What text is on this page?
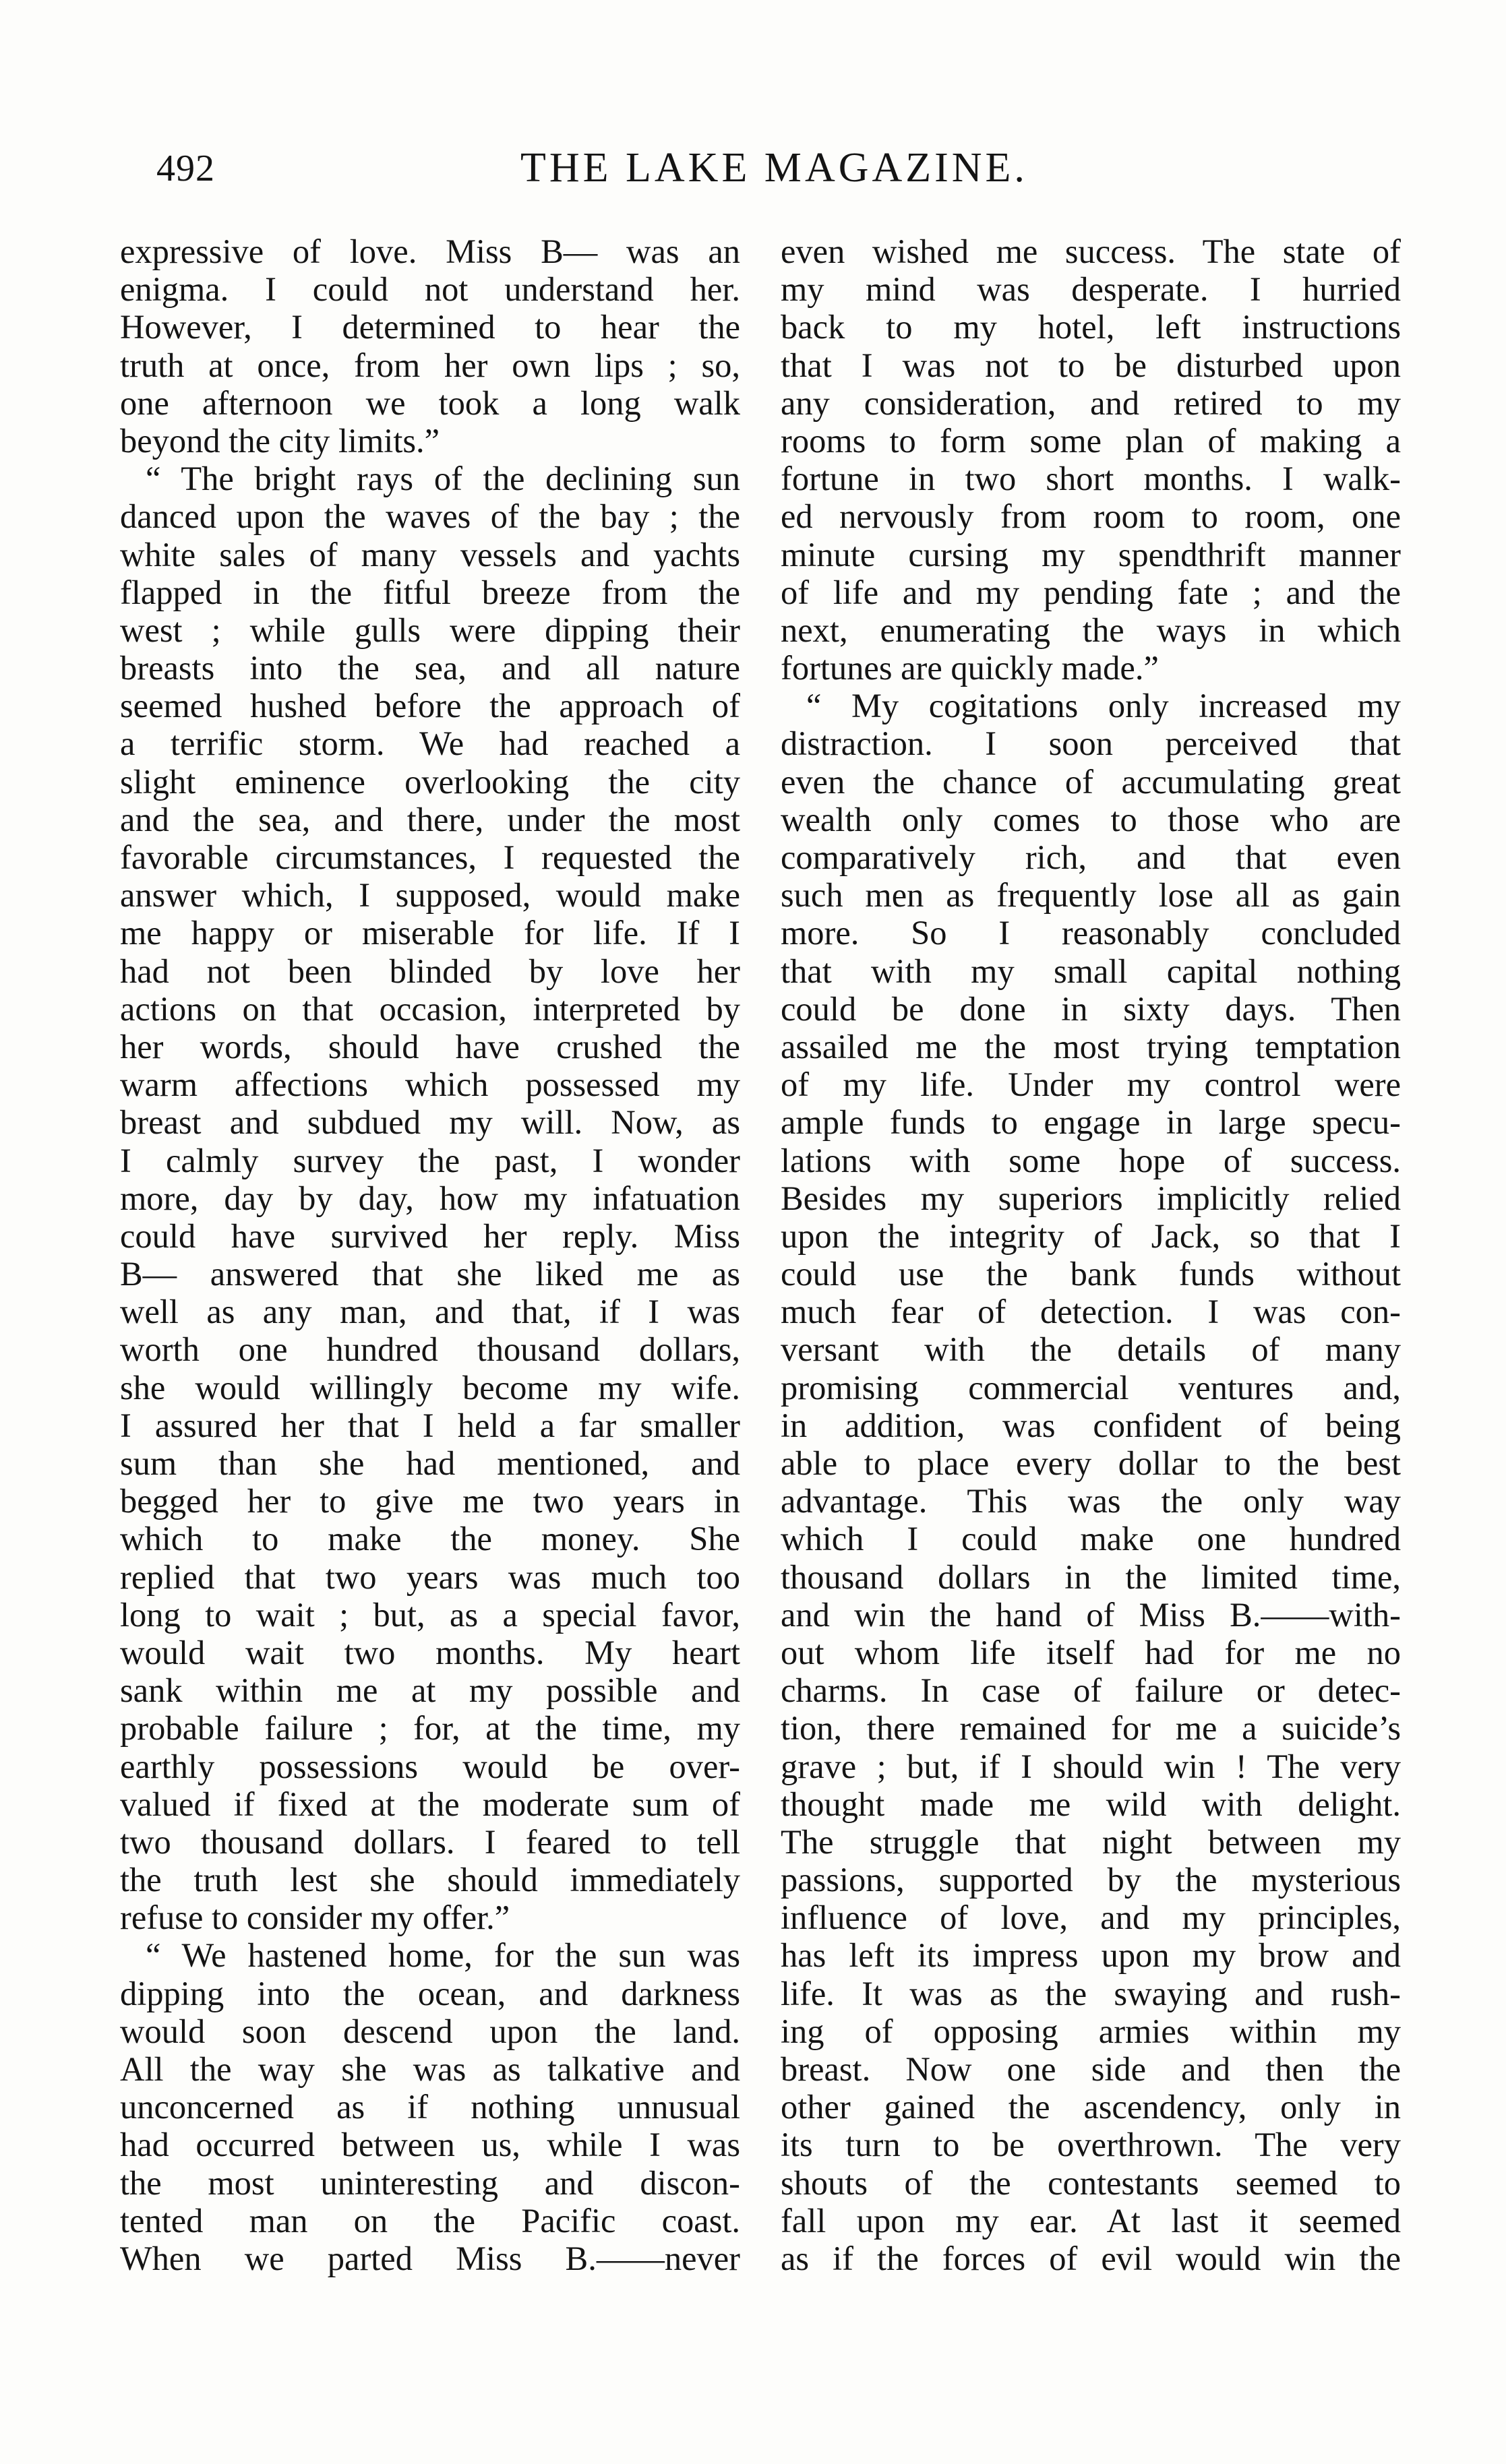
492	THE LAKE MAGAZINE.
expressive of love. Miss B— was an
enigma. I could not understand her.
However, I determined to hear the
truth at once, from her own lips ; so,
one afternoon we took a long walk
beyond the city limits.”
“ The bright rays of the declining sun
danced upon the waves of the bay ; the
white sales of many vessels and yachts
flapped in the fitful breeze from the
west ; while gulls were dipping their
breasts into the sea, and all nature
seemed hushed before the approach of
a terrific storm. We had reached a
slight eminence overlooking the city
and the sea, and there, under the most
favorable circumstances, I requested the
answer which, I supposed, would make
me happy or miserable for life. If I
had not been blinded by love her
actions on that occasion, interpreted by
her words, should have crushed the
warm affections which possessed my
breast and subdued my will. Now, as
I calmly survey the past, I wonder
more, day by day, how my infatuation
could have survived her reply. Miss
B— answered that she liked me as
well as any man, and that, if I was
worth one hundred thousand dollars,
she would willingly become my wife.
I assured her that I held a far smaller
sum than she had mentioned, and
begged her to give me two years in
which to make the money. She
replied that two years was much too
long to wait ; but, as a special favor,
would wait two months. My heart
sank within me at my possible and
probable failure ; for, at the time, my
earthly possessions would be over-
valued if fixed at the moderate sum of
two thousand dollars. I feared to tell
the truth lest she should immediately
refuse to consider my offer.”
“ We hastened home, for the sun was
dipping into the ocean, and darkness
would soon descend upon the land.
All the way she was as talkative and
unconcerned as if nothing unnusual
had occurred between us, while I was
the most uninteresting and discon-
tented man on the Pacific coast.
When we parted Miss B.——never
even wished me success. The state of
my mind was desperate. I hurried
back to my hotel, left instructions
that I was not to be disturbed upon
any consideration, and retired to my
rooms to form some plan of making a
fortune in two short months. I walk-
ed nervously from room to room, one
minute cursing my spendthrift manner
of life and my pending fate ; and the
next, enumerating the ways in which
fortunes are quickly made.”
“ My cogitations only increased my
distraction. I soon perceived that
even the chance of accumulating great
wealth only comes to those who are
comparatively rich, and that even
such men as frequently lose all as gain
more. So I reasonably concluded
that with my small capital nothing
could be done in sixty days. Then
assailed me the most trying temptation
of my life. Under my control were
ample funds to engage in large specu-
lations with some hope of success.
Besides my superiors implicitly relied
upon the integrity of Jack, so that I
could use the bank funds without
much fear of detection. I was con-
versant with the details of many
promising commercial ventures and,
in addition, was confident of being
able to place every dollar to the best
advantage. This was the only way
which I could make one hundred
thousand dollars in the limited time,
and win the hand of Miss B.——with-
out whom life itself had for me no
charms. In case of failure or detec-
tion, there remained for me a suicide’s
grave ; but, if I should win ! The very
thought made me wild with delight.
The struggle that night between my
passions, supported by the mysterious
influence of love, and my principles,
has left its impress upon my brow and
life. It was as the swaying and rush-
ing of opposing armies within my
breast. Now one side and then the
other gained the ascendency, only in
its turn to be overthrown. The very
shouts of the contestants seemed to
fall upon my ear. At last it seemed
as if the forces of evil would win the
